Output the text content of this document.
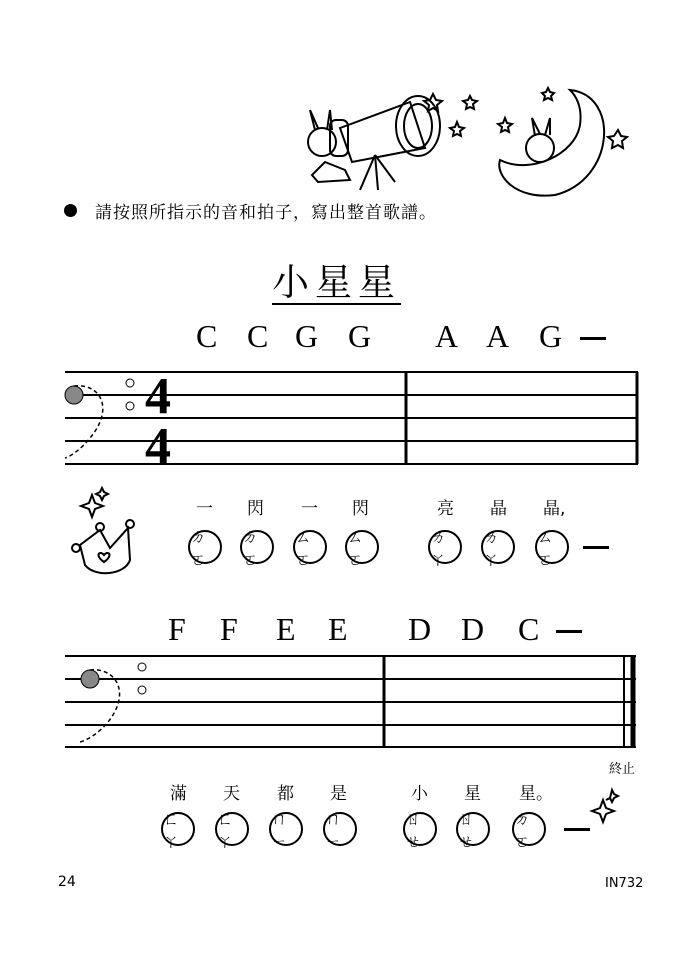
請按照所指示的音和拍子，寫出整首歌譜。
小星星
C C G G A A G
4
4
一 閃 一 閃	亮 晶 晶,
ㄉㄛ
ㄉㄛ
ㄙㄛ
ㄙㄛ
ㄌㄚ
ㄌㄚ
ㄙㄛ
F F E E D D C
終止
滿 天 都 是	小 星 星。
ㄈㄚ
ㄈㄚ
ㄇㄧ
ㄇㄧ
ㄖㄝ
ㄖㄝ
ㄉㄛ
24	IN732
